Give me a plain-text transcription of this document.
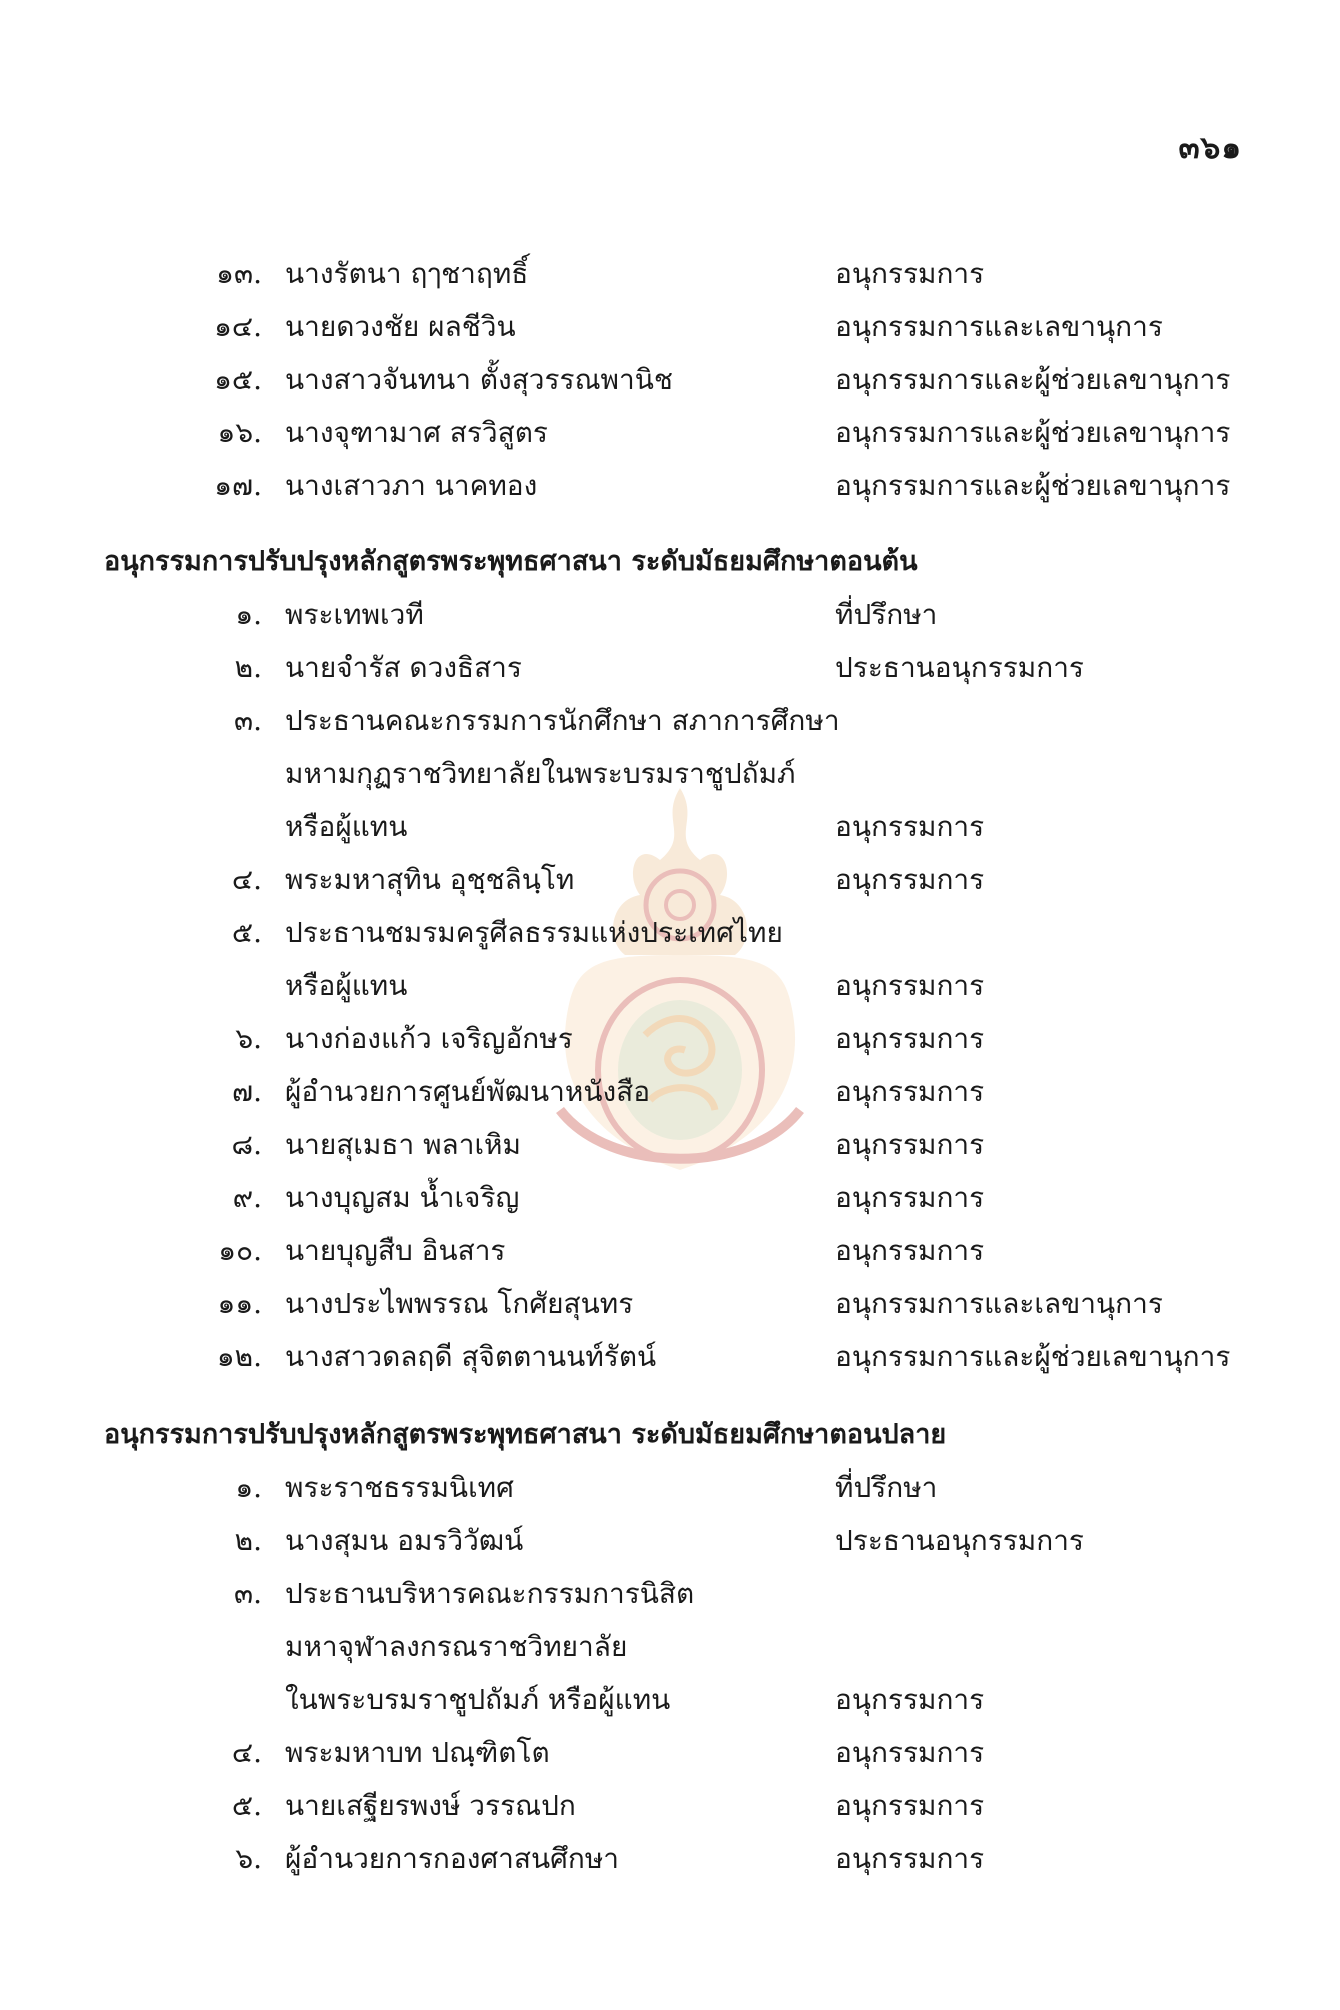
๓๖๑
๑๓. นางรัตนา ฤๅชาฤทธิ์	อนุกรรมการ
๑๔. นายดวงชัย ผลชีวิน	อนุกรรมการและเลขานุการ
๑๕. นางสาวจันทนา ตั้งสุวรรณพานิช	อนุกรรมการและผู้ช่วยเลขานุการ
๑๖. นางจุฑามาศ สรวิสูตร	อนุกรรมการและผู้ช่วยเลขานุการ
๑๗. นางเสาวภา นาคทอง	อนุกรรมการและผู้ช่วยเลขานุการ
อนุกรรมการปรับปรุงหลักสูตรพระพุทธศาสนา ระดับมัธยมศึกษาตอนต้น
๑. พระเทพเวที	ที่ปรึกษา
๒. นายจำรัส ดวงธิสาร	ประธานอนุกรรมการ
๓. ประธานคณะกรรมการนักศึกษา สภาการศึกษา
มหามกุฏราชวิทยาลัยในพระบรมราชูปถัมภ์
หรือผู้แทน	อนุกรรมการ
๔. พระมหาสุทิน อุชฺชลินฺโท	อนุกรรมการ
๕. ประธานชมรมครูศีลธรรมแห่งประเทศไทย
หรือผู้แทน	อนุกรรมการ
๖. นางก่องแก้ว เจริญอักษร	อนุกรรมการ
๗. ผู้อำนวยการศูนย์พัฒนาหนังสือ	อนุกรรมการ
๘. นายสุเมธา พลาเหิม	อนุกรรมการ
๙. นางบุญสม น้ำเจริญ	อนุกรรมการ
๑๐. นายบุญสืบ อินสาร	อนุกรรมการ
๑๑. นางประไพพรรณ โกศัยสุนทร	อนุกรรมการและเลขานุการ
๑๒. นางสาวดลฤดี สุจิตตานนท์รัตน์	อนุกรรมการและผู้ช่วยเลขานุการ
อนุกรรมการปรับปรุงหลักสูตรพระพุทธศาสนา ระดับมัธยมศึกษาตอนปลาย
๑. พระราชธรรมนิเทศ	ที่ปรึกษา
๒. นางสุมน อมรวิวัฒน์	ประธานอนุกรรมการ
๓. ประธานบริหารคณะกรรมการนิสิต
มหาจุฬาลงกรณราชวิทยาลัย
ในพระบรมราชูปถัมภ์ หรือผู้แทน	อนุกรรมการ
๔. พระมหาบท ปณฺฑิตโต	อนุกรรมการ
๕. นายเสฐียรพงษ์ วรรณปก	อนุกรรมการ
๖. ผู้อำนวยการกองศาสนศึกษา	อนุกรรมการ
